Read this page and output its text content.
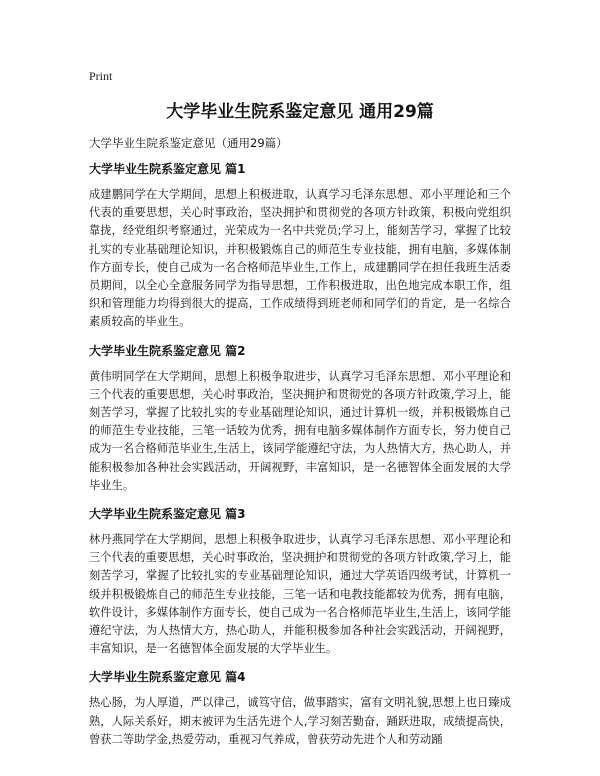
Print
大学毕业生院系鉴定意见 通用29篇
大学毕业生院系鉴定意见（通用29篇）
大学毕业生院系鉴定意见 篇1
成建鹏同学在大学期间，思想上积极进取，认真学习毛泽东思想、邓小平理论和三个代表的重要思想，关心时事政治，坚决拥护和贯彻党的各项方针政策，积极向党组织靠拢，经党组织考察通过，光荣成为一名中共党员;学习上，能刻苦学习，掌握了比较扎实的专业基础理论知识，并积极锻炼自己的师范生专业技能，拥有电脑，多媒体制作方面专长，使自己成为一名合格师范毕业生,工作上，成建鹏同学在担任我班生活委员期间，以全心全意服务同学为指导思想，工作积极进取，出色地完成本职工作，组织和管理能力均得到很大的提高，工作成绩得到班老师和同学们的肯定，是一名综合素质较高的毕业生。
大学毕业生院系鉴定意见 篇2
黄伟明同学在大学期间，思想上积极争取进步，认真学习毛泽东思想、邓小平理论和三个代表的重要思想，关心时事政治，坚决拥护和贯彻党的各项方针政策,学习上，能刻苦学习，掌握了比较扎实的专业基础理论知识，通过计算机一级，并积极锻炼自己的师范生专业技能，三笔一话较为优秀，拥有电脑多媒体制作方面专长，努力使自己成为一名合格师范毕业生,生活上，该同学能遵纪守法，为人热情大方，热心助人，并能积极参加各种社会实践活动，开阔视野，丰富知识，是一名德智体全面发展的大学毕业生。
大学毕业生院系鉴定意见 篇3
林丹燕同学在大学期间，思想上积极争取进步，认真学习毛泽东思想、邓小平理论和三个代表的重要思想，关心时事政治，坚决拥护和贯彻党的各项方针政策,学习上，能刻苦学习，掌握了比较扎实的专业基础理论知识，通过大学英语四级考试，计算机一级并积极锻炼自己的师范生专业技能，三笔一话和电教技能都较为优秀，拥有电脑，软件设计，多媒体制作方面专长，使自己成为一名合格师范毕业生,生活上，该同学能遵纪守法，为人热情大方，热心助人，并能积极参加各种社会实践活动，开阔视野，丰富知识，是一名德智体全面发展的大学毕业生。
大学毕业生院系鉴定意见 篇4
热心肠，为人厚道，严以律己，诚笃守信，做事踏实，富有文明礼貌,思想上也日臻成熟，人际关系好，期末被评为生活先进个人,学习刻苦勤奋，踊跃进取，成绩提高快，曾获二等助学金,热爱劳动，重视习气养成，曾获劳动先进个人和劳动踊
